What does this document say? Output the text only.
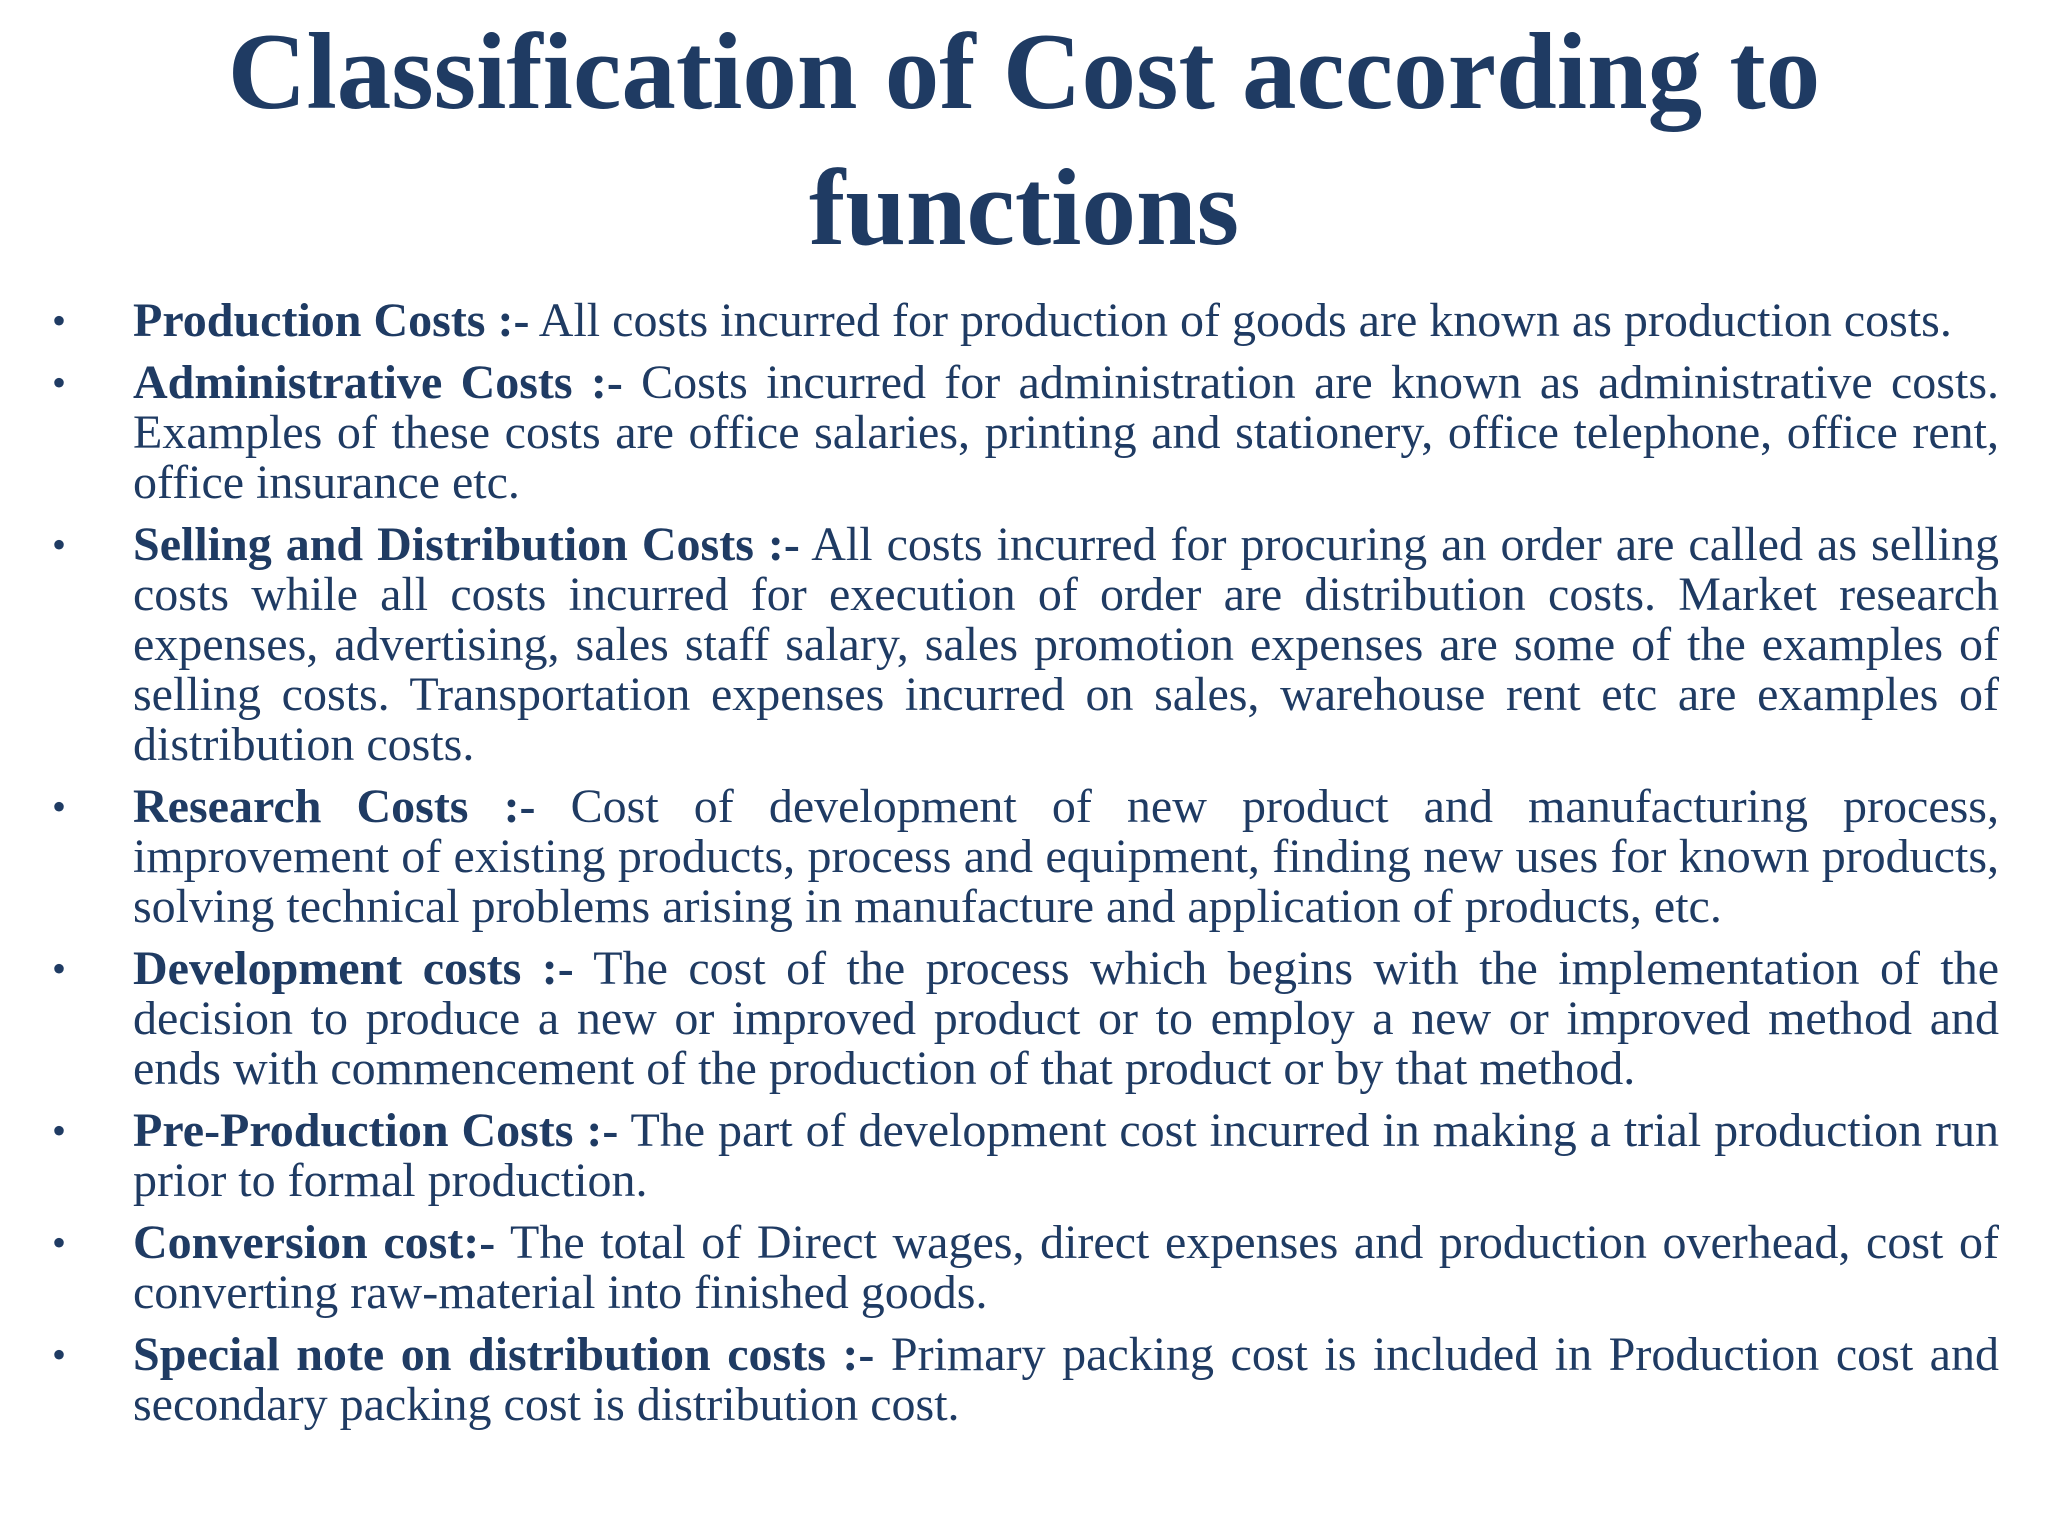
Classification of Cost according to functions
•	Production Costs :- All costs incurred for production of goods are known as production costs.
•	Administrative Costs :- Costs incurred for administration are known as administrative costs. Examples of these costs are office salaries, printing and stationery, office telephone, office rent, office insurance etc.
•	Selling and Distribution Costs :- All costs incurred for procuring an order are called as selling costs while all costs incurred for execution of order are distribution costs. Market research expenses, advertising, sales staff salary, sales promotion expenses are some of the examples of selling costs. Transportation expenses incurred on sales, warehouse rent etc are examples of distribution costs.
•	Research Costs :- Cost of development of new product and manufacturing process, improvement of existing products, process and equipment, finding new uses for known products, solving technical problems arising in manufacture and application of products, etc.
•	Development costs :- The cost of the process which begins with the implementation of the decision to produce a new or improved product or to employ a new or improved method and ends with commencement of the production of that product or by that method.
•	Pre-Production Costs :- The part of development cost incurred in making a trial production run prior to formal production.
•	Conversion cost:- The total of Direct wages, direct expenses and production overhead, cost of converting raw-material into finished goods.
•	Special note on distribution costs :- Primary packing cost is included in Production cost and secondary packing cost is distribution cost.
